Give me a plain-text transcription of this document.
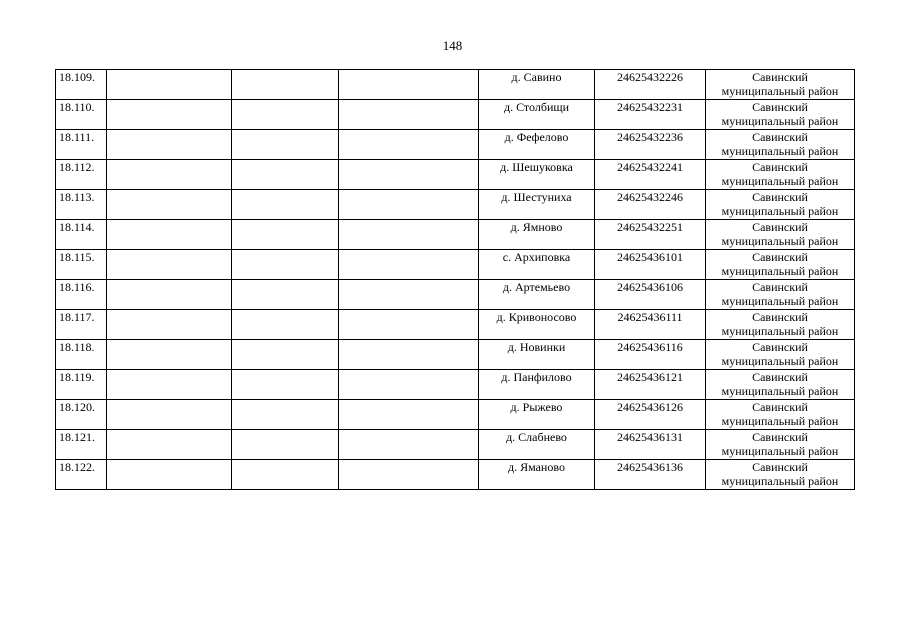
148
18.109.				д. Савино	24625432226	Савинский
муниципальный район

18.110.				д. Столбищи	24625432231	Савинский
муниципальный район

18.111.				д. Фефелово	24625432236	Савинский
муниципальный район

18.112.				д. Шешуковка	24625432241	Савинский
муниципальный район

18.113.				д. Шестуниха	24625432246	Савинский
муниципальный район

18.114.				д. Ямново	24625432251	Савинский
муниципальный район

18.115.				с. Архиповка	24625436101	Савинский
муниципальный район

18.116.				д. Артемьево	24625436106	Савинский
муниципальный район

18.117.				д. Кривоносово	24625436111	Савинский
муниципальный район

18.118.				д. Новинки	24625436116	Савинский
муниципальный район

18.119.				д. Панфилово	24625436121	Савинский
муниципальный район

18.120.				д. Рыжево	24625436126	Савинский
муниципальный район

18.121.				д. Слабнево	24625436131	Савинский
муниципальный район

18.122.				д. Ямановo	24625436136	Савинский
муниципальный район
